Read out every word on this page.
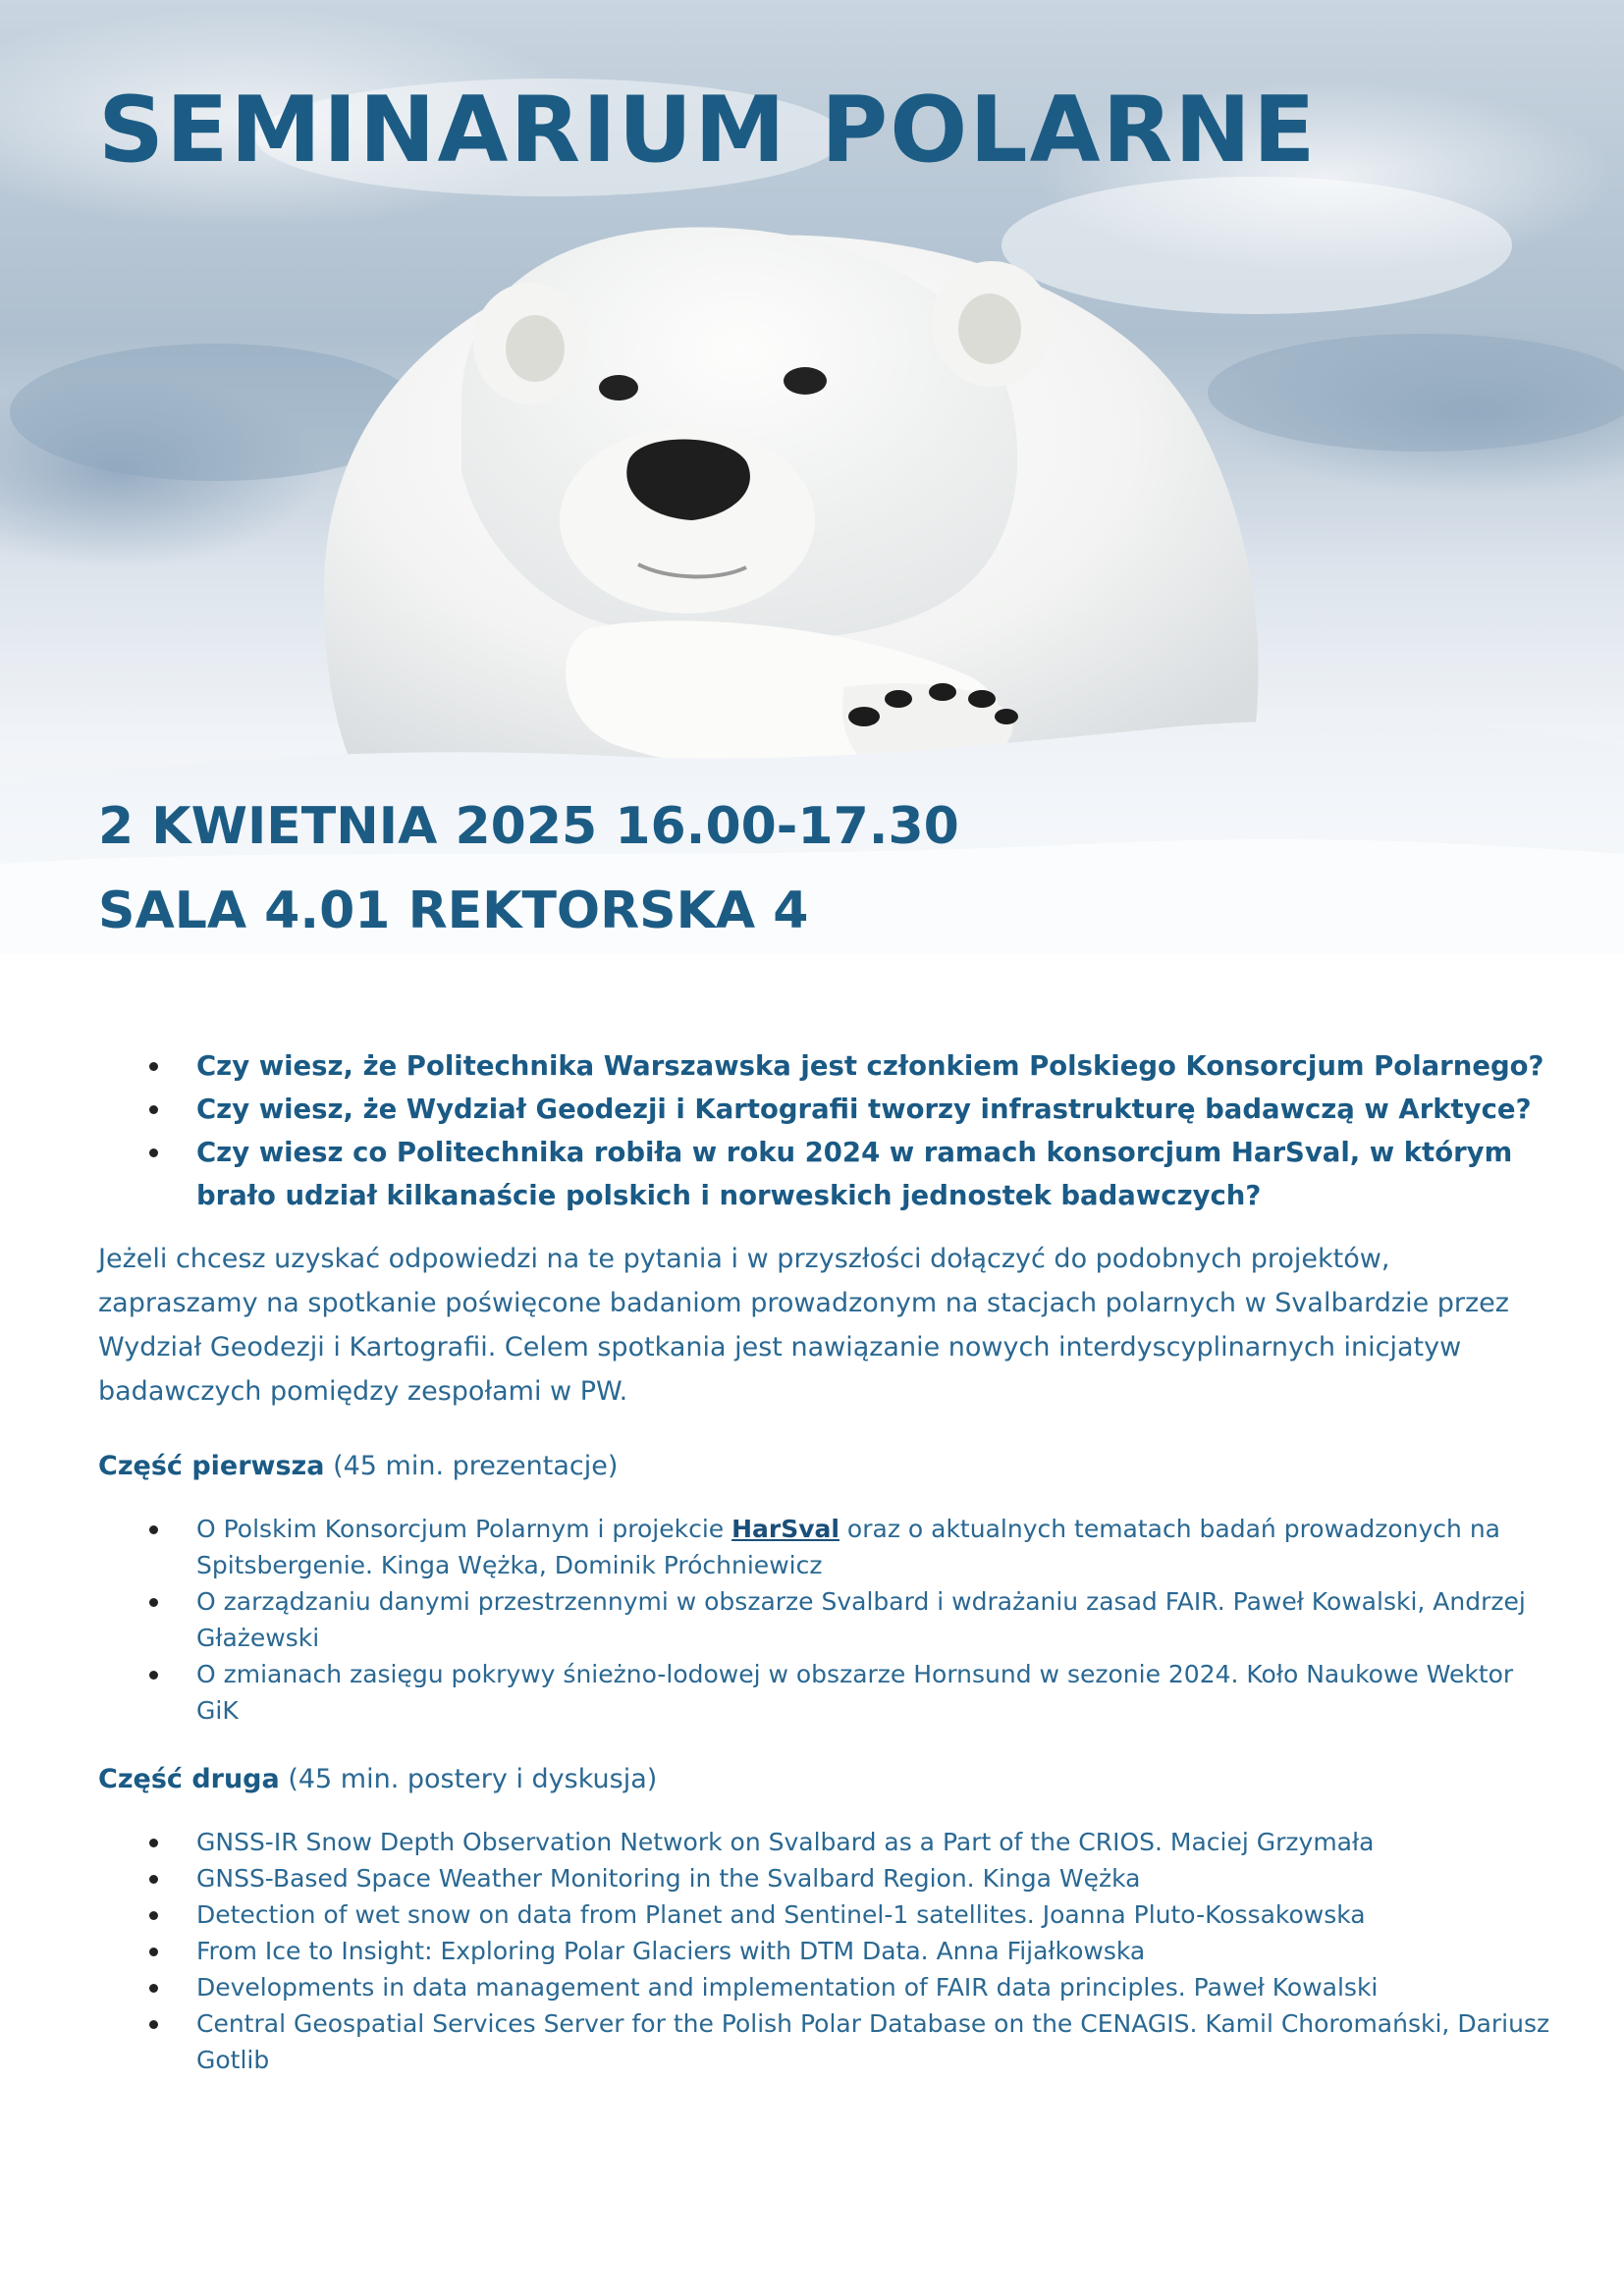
SEMINARIUM POLARNE

2 KWIETNIA 2025 16.00-17.30

SALA 4.01 REKTORSKA 4

Czy wiesz, że Politechnika Warszawska jest członkiem Polskiego Konsorcjum Polarnego?
Czy wiesz, że Wydział Geodezji i Kartografii tworzy infrastrukturę badawczą w Arktyce?
Czy wiesz co Politechnika robiła w roku 2024 w ramach konsorcjum HarSval, w którym brało udział kilkanaście polskich i norweskich jednostek badawczych?

Jeżeli chcesz uzyskać odpowiedzi na te pytania i w przyszłości dołączyć do podobnych projektów, zapraszamy na spotkanie poświęcone badaniom prowadzonym na stacjach polarnych w Svalbardzie przez Wydział Geodezji i Kartografii. Celem spotkania jest nawiązanie nowych interdyscyplinarnych inicjatyw badawczych pomiędzy zespołami w PW.

Część pierwsza (45 min. prezentacje)

O Polskim Konsorcjum Polarnym i projekcie HarSval oraz o aktualnych tematach badań prowadzonych na Spitsbergenie. Kinga Wężka, Dominik Próchniewicz
O zarządzaniu danymi przestrzennymi w obszarze Svalbard i wdrażaniu zasad FAIR. Paweł Kowalski, Andrzej Głażewski
O zmianach zasięgu pokrywy śnieżno-lodowej w obszarze Hornsund w sezonie 2024. Koło Naukowe Wektor GiK

Część druga (45 min. postery i dyskusja)

GNSS-IR Snow Depth Observation Network on Svalbard as a Part of the CRIOS. Maciej Grzymała
GNSS-Based Space Weather Monitoring in the Svalbard Region. Kinga Wężka
Detection of wet snow on data from Planet and Sentinel-1 satellites. Joanna Pluto-Kossakowska
From Ice to Insight: Exploring Polar Glaciers with DTM Data. Anna Fijałkowska
Developments in data management and implementation of FAIR data principles. Paweł Kowalski
Central Geospatial Services Server for the Polish Polar Database on the CENAGIS. Kamil Choromański, Dariusz Gotlib
